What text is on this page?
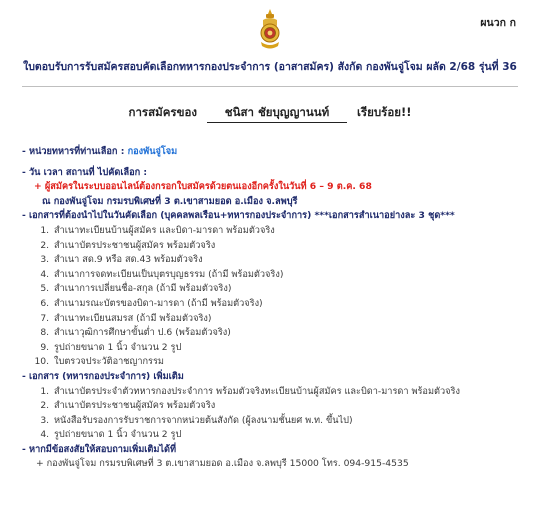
ผนวก ก
ใบตอบรับการรับสมัครสอบคัดเลือกทหารกองประจำการ (อาสาสมัคร) สังกัด กองพันจู่โจม ผลัด 2/68 รุ่นที่ 36
การสมัครของ ชนิสา ชัยบุญญานนท์ เรียบร้อย!!
- หน่วยทหารที่ท่านเลือก : กองพันจู่โจม
- วัน เวลา สถานที่ ไปคัดเลือก :
+ ผู้สมัครในระบบออนไลน์ต้องกรอกใบสมัครด้วยตนเองอีกครั้งในวันที่ 6 – 9 ต.ค. 68
ณ กองพันจู่โจม กรมรบพิเศษที่ 3 ต.เขาสามยอด อ.เมือง จ.ลพบุรี
- เอกสารที่ต้องนำไปในวันคัดเลือก (บุคคลพลเรือน+ทหารกองประจำการ) ***เอกสารสำเนาอย่างละ 3 ชุด***
1. สำเนาทะเบียนบ้านผู้สมัคร และบิดา-มารดา พร้อมตัวจริง
2. สำเนาบัตรประชาชนผู้สมัคร พร้อมตัวจริง
3. สำเนา สด.9 หรือ สด.43 พร้อมตัวจริง
4. สำเนาการจดทะเบียนเป็นบุตรบุญธรรม (ถ้ามี พร้อมตัวจริง)
5. สำเนาการเปลี่ยนชื่อ-สกุล (ถ้ามี พร้อมตัวจริง)
6. สำเนามรณะบัตรของบิดา-มารดา (ถ้ามี พร้อมตัวจริง)
7. สำเนาทะเบียนสมรส (ถ้ามี พร้อมตัวจริง)
8. สำเนาวุฒิการศึกษาขั้นต่ำ ป.6 (พร้อมตัวจริง)
9. รูปถ่ายขนาด 1 นิ้ว จำนวน 2 รูป
10. ใบตรวจประวัติอาชญากรรม
- เอกสาร (ทหารกองประจำการ) เพิ่มเติม
1. สำเนาบัตรประจำตัวทหารกองประจำการ พร้อมตัวจริงทะเบียนบ้านผู้สมัคร และบิดา-มารดา พร้อมตัวจริง
2. สำเนาบัตรประชาชนผู้สมัคร พร้อมตัวจริง
3. หนังสือรับรองการรับราชการจากหน่วยต้นสังกัด (ผู้ลงนามชั้นยศ พ.ท. ขึ้นไป)
4. รูปถ่ายขนาด 1 นิ้ว จำนวน 2 รูป
- หากมีข้อสงสัยให้สอบถามเพิ่มเติมได้ที่
+ กองพันจู่โจม กรมรบพิเศษที่ 3 ต.เขาสามยอด อ.เมือง จ.ลพบุรี 15000 โทร. 094-915-4535
